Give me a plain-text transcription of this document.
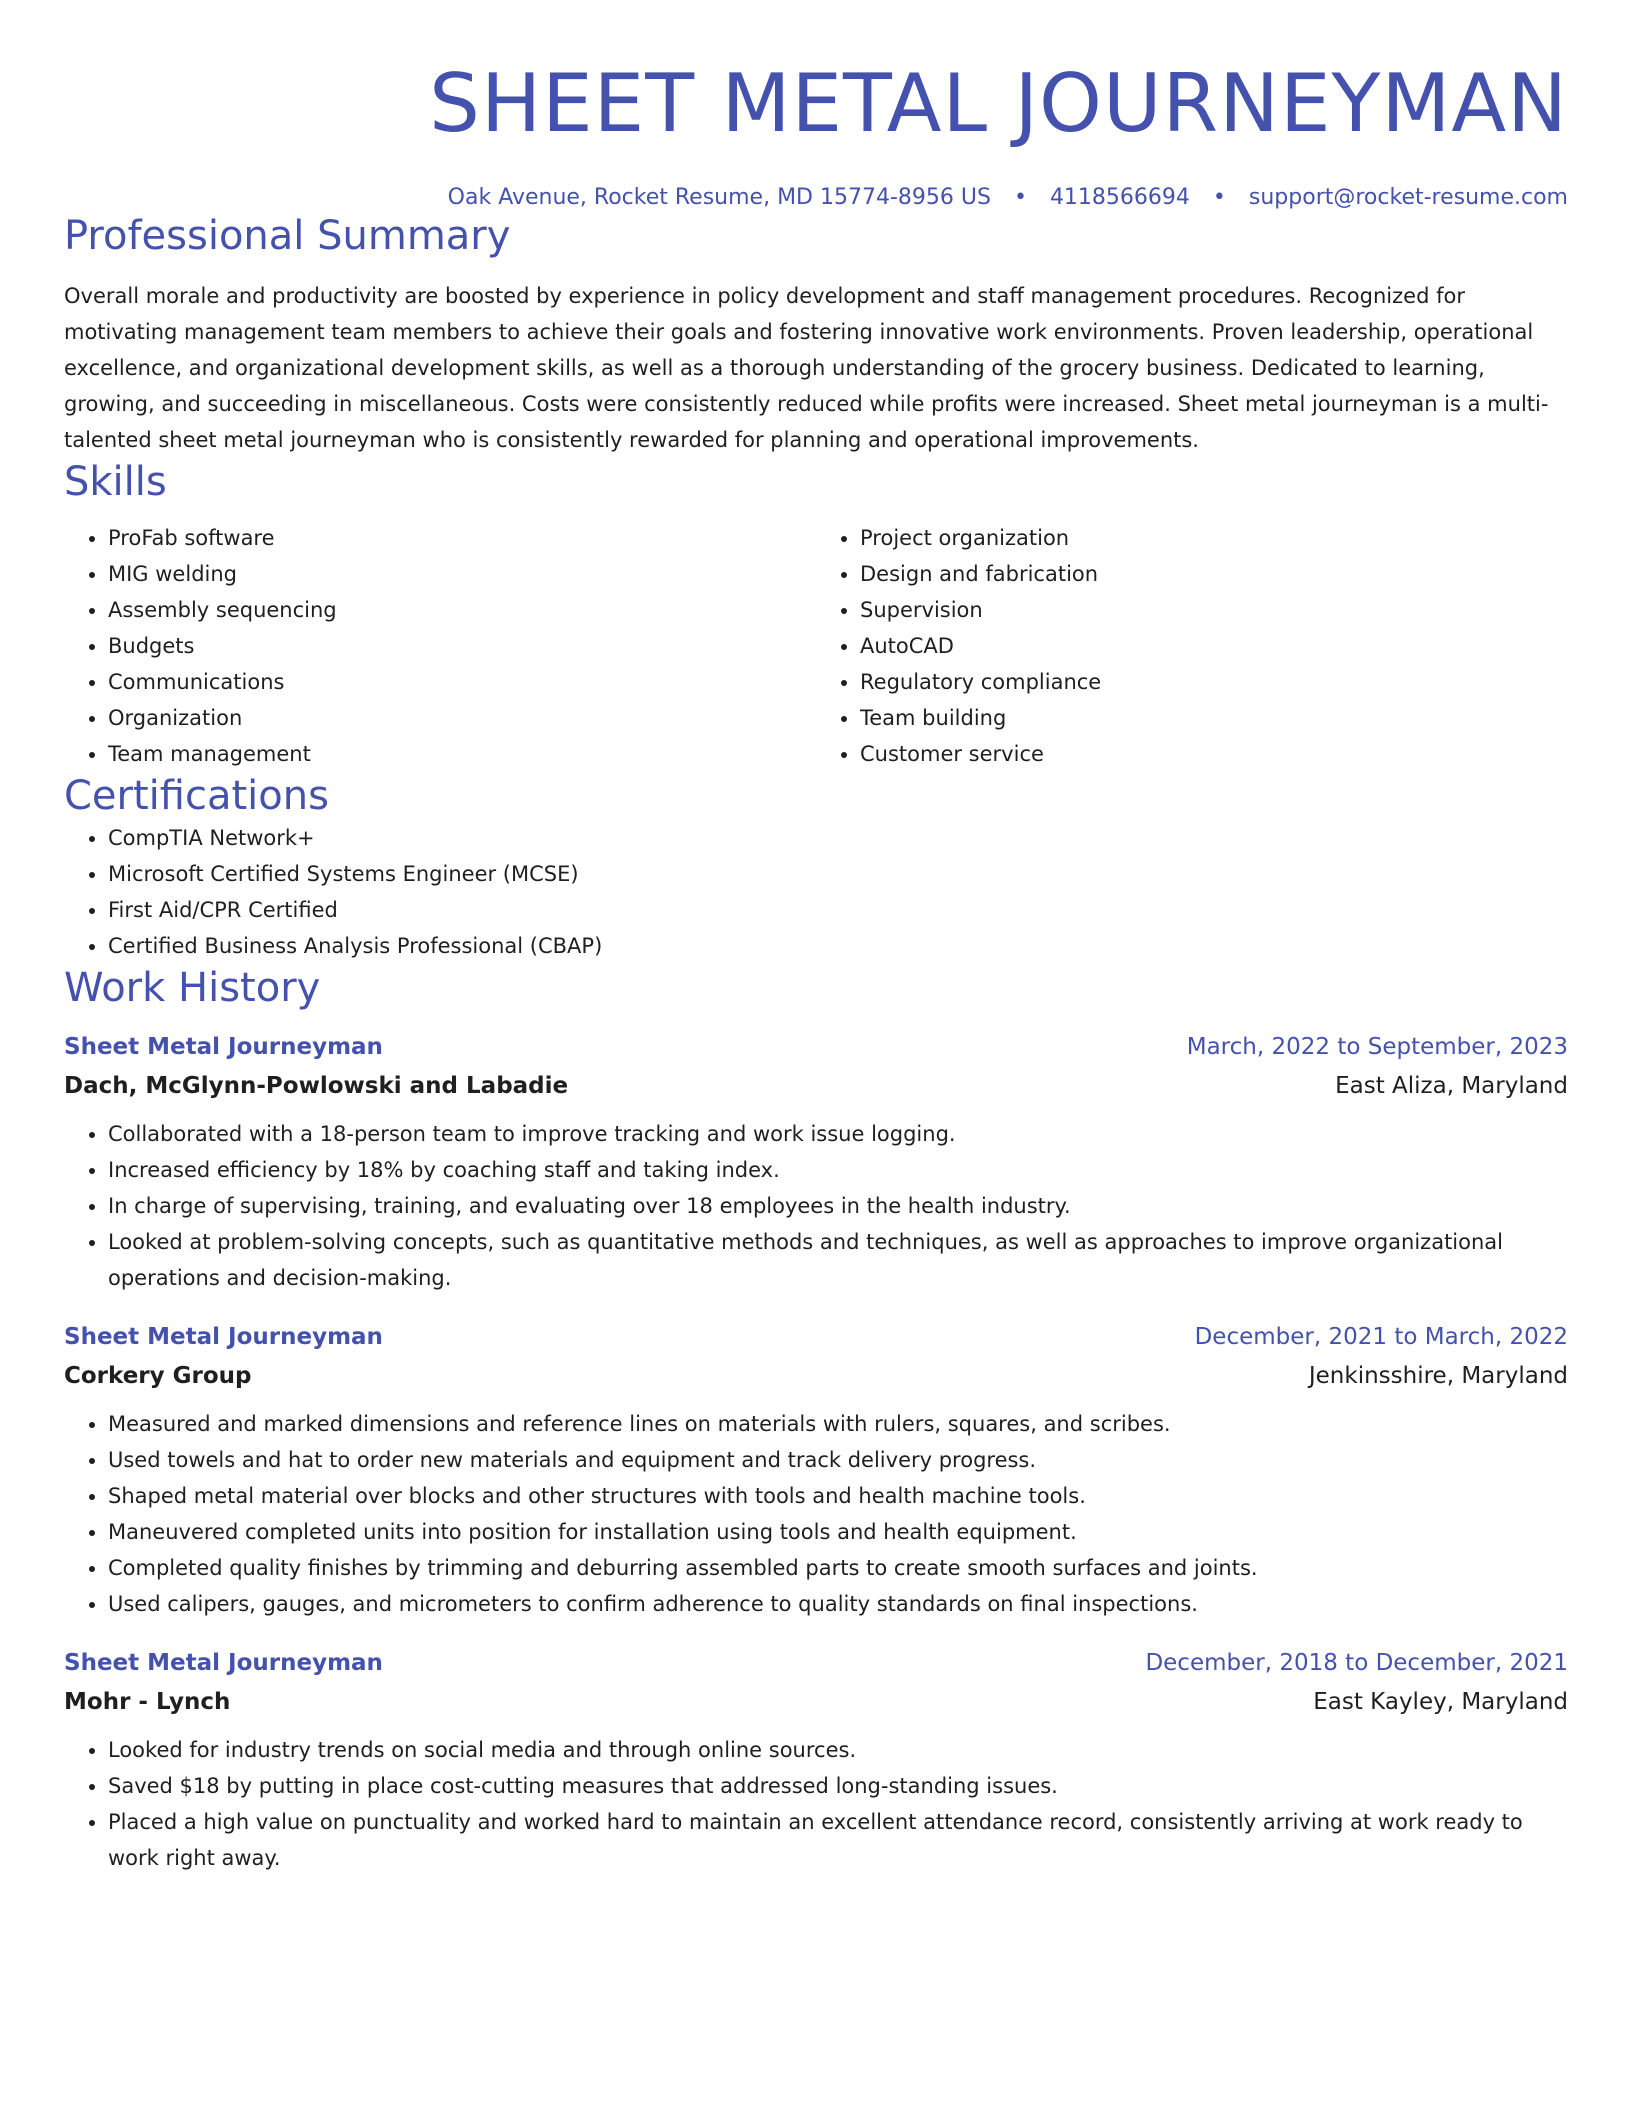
SHEET METAL JOURNEYMAN
Oak Avenue, Rocket Resume, MD 15774-8956 US • 4118566694 • support@rocket-resume.com
Professional Summary

Overall morale and productivity are boosted by experience in policy development and staff management procedures. Recognized for motivating management team members to achieve their goals and fostering innovative work environments. Proven leadership, operational excellence, and organizational development skills, as well as a thorough understanding of the grocery business. Dedicated to learning, growing, and succeeding in miscellaneous. Costs were consistently reduced while profits were increased. Sheet metal journeyman is a multi-talented sheet metal journeyman who is consistently rewarded for planning and operational improvements.

Skills
• ProFab software
• MIG welding
• Assembly sequencing
• Budgets
• Communications
• Organization
• Team management
• Project organization
• Design and fabrication
• Supervision
• AutoCAD
• Regulatory compliance
• Team building
• Customer service
Certifications
• CompTIA Network+
• Microsoft Certified Systems Engineer (MCSE)
• First Aid/CPR Certified
• Certified Business Analysis Professional (CBAP)
Work History
Sheet Metal Journeyman	March, 2022 to September, 2023
Dach, McGlynn-Powlowski and Labadie	East Aliza, Maryland
• Collaborated with a 18-person team to improve tracking and work issue logging.
• Increased efficiency by 18% by coaching staff and taking index.
• In charge of supervising, training, and evaluating over 18 employees in the health industry.
• Looked at problem-solving concepts, such as quantitative methods and techniques, as well as approaches to improve organizational operations and decision-making.
Sheet Metal Journeyman	December, 2021 to March, 2022
Corkery Group	Jenkinsshire, Maryland
• Measured and marked dimensions and reference lines on materials with rulers, squares, and scribes.
• Used towels and hat to order new materials and equipment and track delivery progress.
• Shaped metal material over blocks and other structures with tools and health machine tools.
• Maneuvered completed units into position for installation using tools and health equipment.
• Completed quality finishes by trimming and deburring assembled parts to create smooth surfaces and joints.
• Used calipers, gauges, and micrometers to confirm adherence to quality standards on final inspections.
Sheet Metal Journeyman	December, 2018 to December, 2021
Mohr - Lynch	East Kayley, Maryland
• Looked for industry trends on social media and through online sources.
• Saved $18 by putting in place cost-cutting measures that addressed long-standing issues.
• Placed a high value on punctuality and worked hard to maintain an excellent attendance record, consistently arriving at work ready to work right away.
